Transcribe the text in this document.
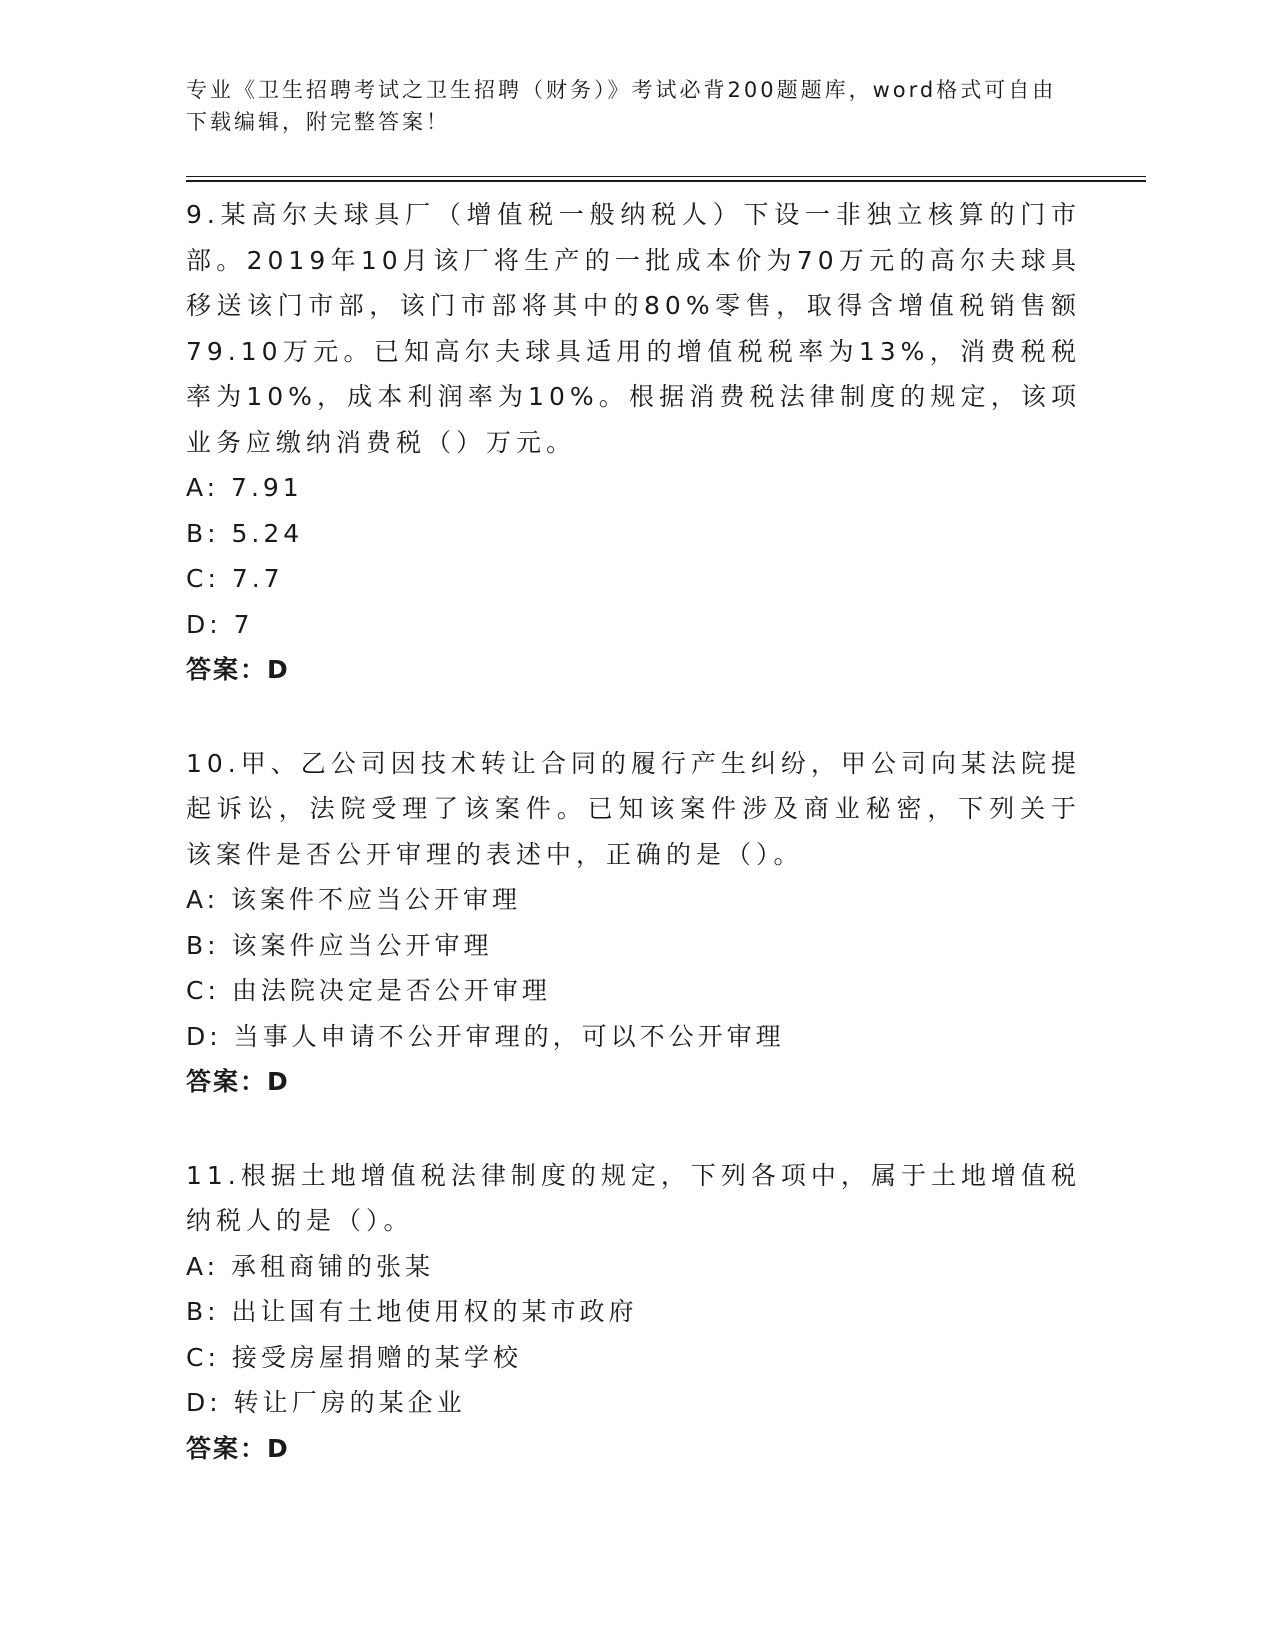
专业《卫生招聘考试之卫生招聘（财务）》考试必背200题题库，word格式可自由下载编辑，附完整答案！
9.某高尔夫球具厂（增值税一般纳税人）下设一非独立核算的门市部。2019年10月该厂将生产的一批成本价为70万元的高尔夫球具移送该门市部，该门市部将其中的80%零售，取得含增值税销售额79.10万元。已知高尔夫球具适用的增值税税率为13%，消费税税率为10%，成本利润率为10%。根据消费税法律制度的规定，该项业务应缴纳消费税（）万元。
A: 7.91
B: 5.24
C: 7.7
D: 7
答案：D
10.甲、乙公司因技术转让合同的履行产生纠纷，甲公司向某法院提起诉讼，法院受理了该案件。已知该案件涉及商业秘密，下列关于该案件是否公开审理的表述中，正确的是（）。
A: 该案件不应当公开审理
B: 该案件应当公开审理
C: 由法院决定是否公开审理
D: 当事人申请不公开审理的，可以不公开审理
答案：D
11.根据土地增值税法律制度的规定，下列各项中，属于土地增值税纳税人的是（）。
A: 承租商铺的张某
B: 出让国有土地使用权的某市政府
C: 接受房屋捐赠的某学校
D: 转让厂房的某企业
答案：D
